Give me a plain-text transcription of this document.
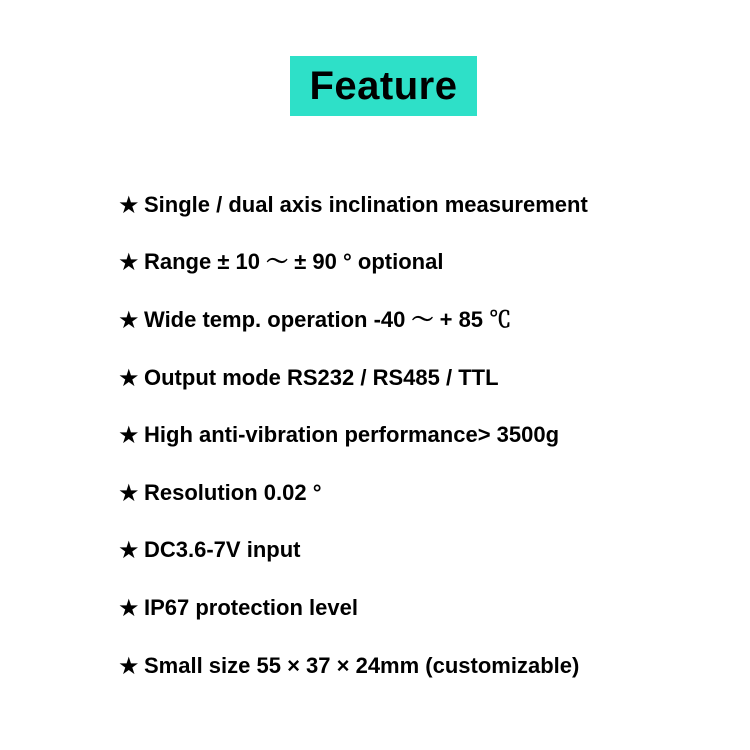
Feature
★ Single / dual axis inclination measurement
★ Range ± 10 ～ ± 90 ° optional
★ Wide temp. operation -40 ～ + 85 ℃
★ Output mode RS232 / RS485 / TTL
★ High anti-vibration performance> 3500g
★ Resolution 0.02 °
★ DC3.6-7V input
★ IP67 protection level
★ Small size 55 × 37 × 24mm (customizable)
